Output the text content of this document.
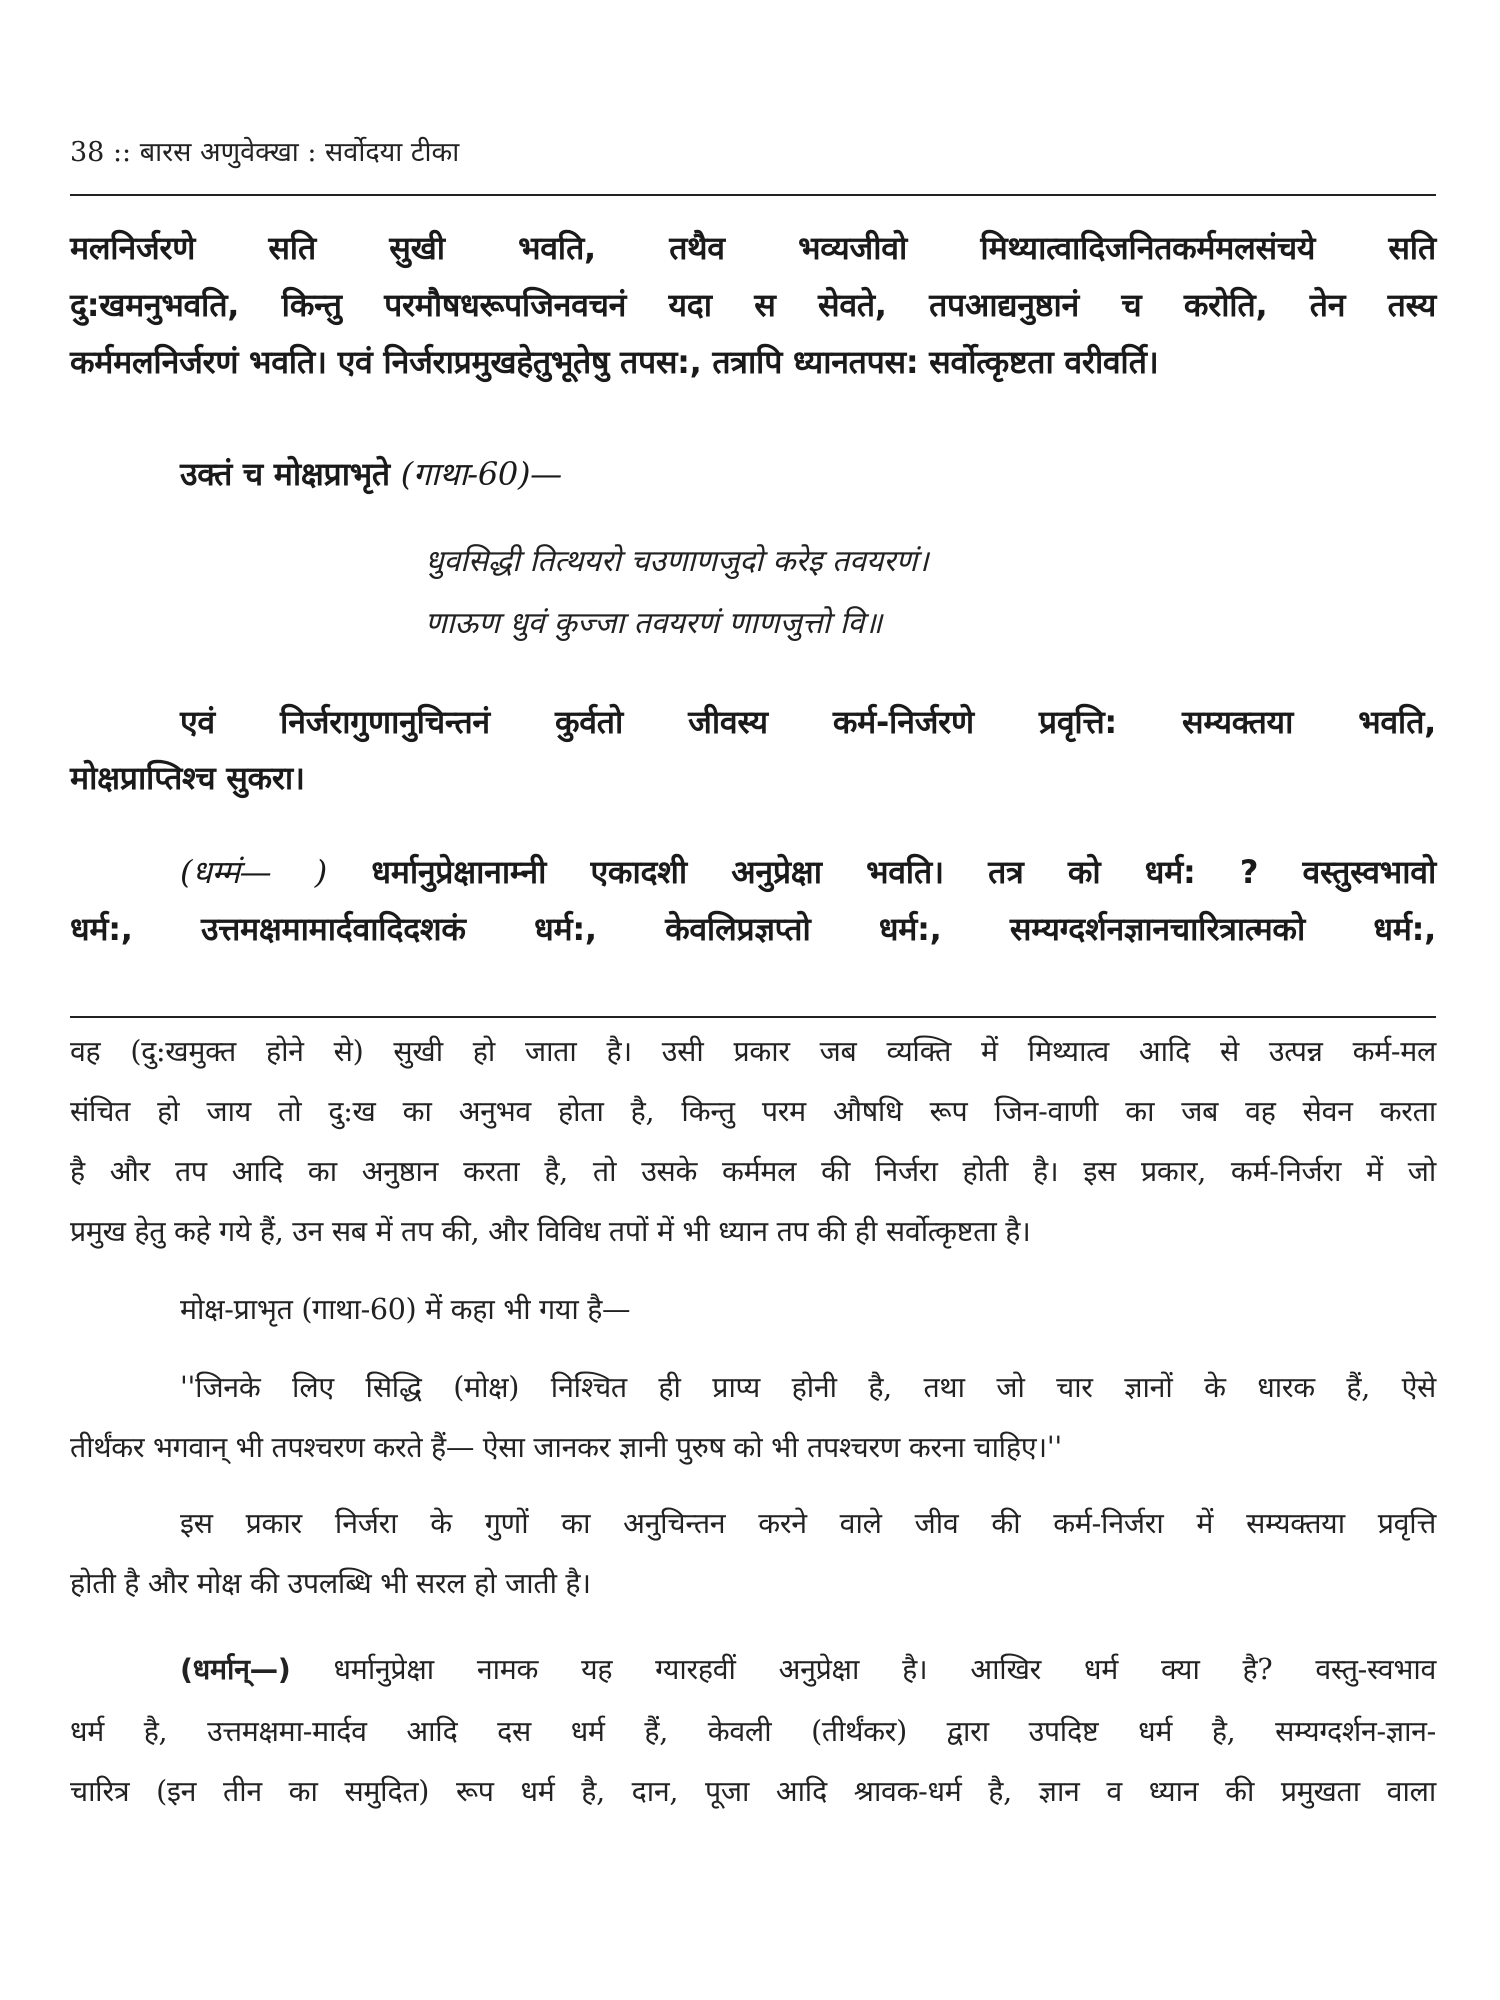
38 :: बारस अणुवेक्खा : सर्वोदया टीका
मलनिर्जरणे सति सुखी भवति, तथैव भव्यजीवो मिथ्यात्वादिजनितकर्ममलसंचये सति
दु:खमनुभवति, किन्तु परमौषधरूपजिनवचनं यदा स सेवते, तपआद्यनुष्ठानं च करोति, तेन तस्य
कर्ममलनिर्जरणं भवति। एवं निर्जराप्रमुखहेतुभूतेषु तपस:, तत्रापि ध्यानतपस: सर्वोत्कृष्टता वरीवर्ति।
उक्तं च मोक्षप्राभृते (गाथा-60)—
धुवसिद्धी तित्थयरो चउणाणजुदो करेइ तवयरणं।
णाऊण धुवं कुज्जा तवयरणं णाणजुत्तो वि॥
एवं निर्जरागुणानुचिन्तनं कुर्वतो जीवस्य कर्म-निर्जरणे प्रवृत्ति: सम्यक्तया भवति,
मोक्षप्राप्तिश्च सुकरा।
(धम्मं— ) धर्मानुप्रेक्षानाम्नी एकादशी अनुप्रेक्षा भवति। तत्र को धर्म: ? वस्तुस्वभावो
धर्म:, उत्तमक्षमामार्दवादिदशकं धर्म:, केवलिप्रज्ञप्तो धर्म:, सम्यग्दर्शनज्ञानचारित्रात्मको धर्म:,
वह (दु:खमुक्त होने से) सुखी हो जाता है। उसी प्रकार जब व्यक्ति में मिथ्यात्व आदि से उत्पन्न कर्म-मल
संचित हो जाय तो दु:ख का अनुभव होता है, किन्तु परम औषधि रूप जिन-वाणी का जब वह सेवन करता
है और तप आदि का अनुष्ठान करता है, तो उसके कर्ममल की निर्जरा होती है। इस प्रकार, कर्म-निर्जरा में जो
प्रमुख हेतु कहे गये हैं, उन सब में तप की, और विविध तपों में भी ध्यान तप की ही सर्वोत्कृष्टता है।
मोक्ष-प्राभृत (गाथा-60) में कहा भी गया है—
''जिनके लिए सिद्धि (मोक्ष) निश्चित ही प्राप्य होनी है, तथा जो चार ज्ञानों के धारक हैं, ऐसे
तीर्थंकर भगवान् भी तपश्चरण करते हैं— ऐसा जानकर ज्ञानी पुरुष को भी तपश्चरण करना चाहिए।''
इस प्रकार निर्जरा के गुणों का अनुचिन्तन करने वाले जीव की कर्म-निर्जरा में सम्यक्तया प्रवृत्ति
होती है और मोक्ष की उपलब्धि भी सरल हो जाती है।
(धर्मान्—) धर्मानुप्रेक्षा नामक यह ग्यारहवीं अनुप्रेक्षा है। आखिर धर्म क्या है? वस्तु-स्वभाव
धर्म है, उत्तमक्षमा-मार्दव आदि दस धर्म हैं, केवली (तीर्थंकर) द्वारा उपदिष्ट धर्म है, सम्यग्दर्शन-ज्ञान-
चारित्र (इन तीन का समुदित) रूप धर्म है, दान, पूजा आदि श्रावक-धर्म है, ज्ञान व ध्यान की प्रमुखता वाला
